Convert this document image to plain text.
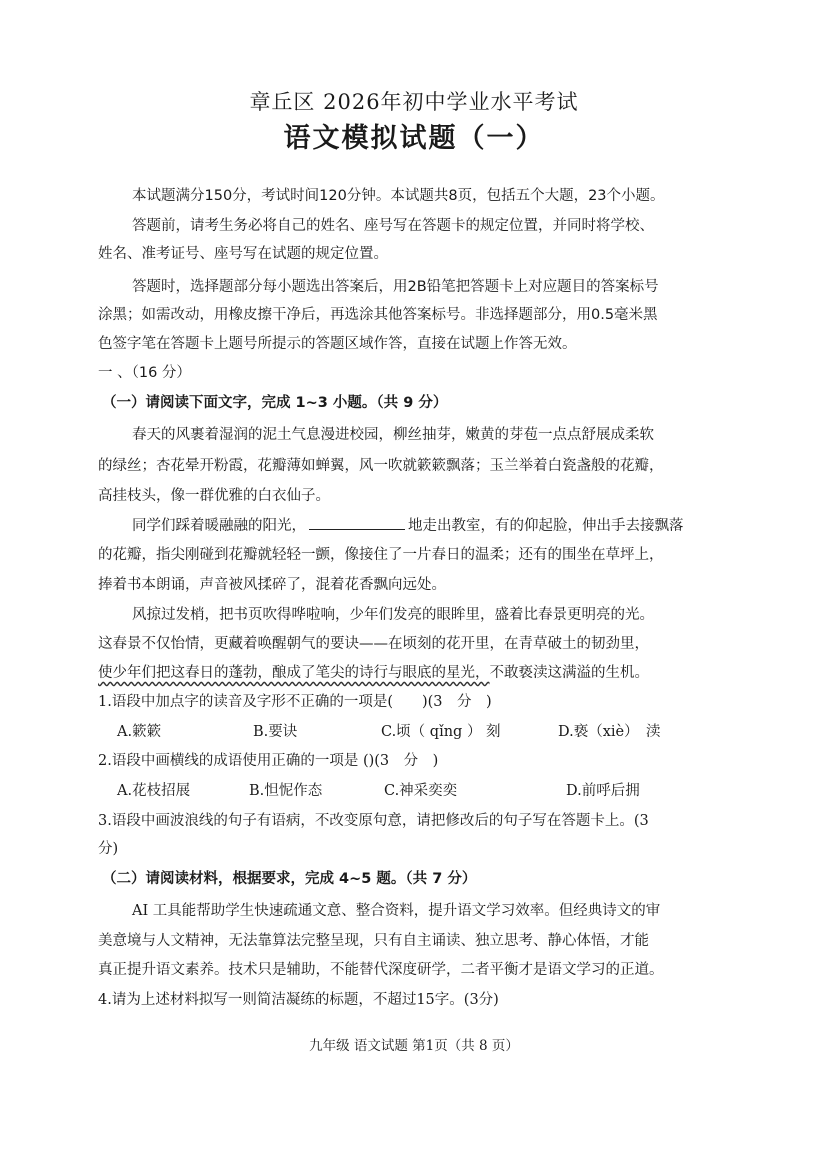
章丘区 2026年初中学业水平考试
语文模拟试题（一）
本试题满分150分，考试时间120分钟。本试题共8页，包括五个大题，23个小题。
答题前，请考生务必将自己的姓名、座号写在答题卡的规定位置，并同时将学校、
姓名、准考证号、座号写在试题的规定位置。
答题时，选择题部分每小题选出答案后，用2B铅笔把答题卡上对应题目的答案标号
涂黑；如需改动，用橡皮擦干净后，再选涂其他答案标号。非选择题部分，用0.5毫米黑
色签字笔在答题卡上题号所提示的答题区域作答，直接在试题上作答无效。
一 、（16 分）
（一）请阅读下面文字，完成 1~3 小题。（共 9 分）
春天的风裹着湿润的泥土气息漫进校园，柳丝抽芽，嫩黄的芽苞一点点舒展成柔软
的绿丝；杏花晕开粉霞，花瓣薄如蝉翼，风一吹就簌簌飘落；玉兰举着白瓷盏般的花瓣，
高挂枝头，像一群优雅的白衣仙子。
同学们踩着暖融融的阳光，	地走出教室，有的仰起脸，伸出手去接飘落
的花瓣，指尖刚碰到花瓣就轻轻一颤，像接住了一片春日的温柔；还有的围坐在草坪上，
捧着书本朗诵，声音被风揉碎了，混着花香飘向远处。
风掠过发梢，把书页吹得哗啦响，少年们发亮的眼眸里，盛着比春景更明亮的光。
这春景不仅怡情，更藏着唤醒朝气的要诀——在顷刻的花开里，在青草破土的韧劲里，
使少年们把这春日的蓬勃，酿成了笔尖的诗行与眼底的星光，不敢亵渎这满溢的生机。
1.语段中加点字的读音及字形不正确的一项是(　　)(3　分　)
A.簌簌	B.要诀	C.顷（ qǐng ） 刻	D.亵（xiè）　渎
2.语段中画横线的成语使用正确的一项是 ()(3　分　)
A.花枝招展	B.怛怩作态	C.神采奕奕	D.前呼后拥
3.语段中画波浪线的句子有语病，不改变原句意，请把修改后的句子写在答题卡上。(3
分)
（二）请阅读材料，根据要求，完成 4~5 题。（共 7 分）
AI 工具能帮助学生快速疏通文意、整合资料，提升语文学习效率。但经典诗文的审
美意境与人文精神，无法靠算法完整呈现，只有自主诵读、独立思考、静心体悟，才能
真正提升语文素养。技术只是辅助，不能替代深度研学，二者平衡才是语文学习的正道。
4.请为上述材料拟写一则简洁凝练的标题，不超过15字。(3分)
九年级 语文试题 第1页（共 8 页）
